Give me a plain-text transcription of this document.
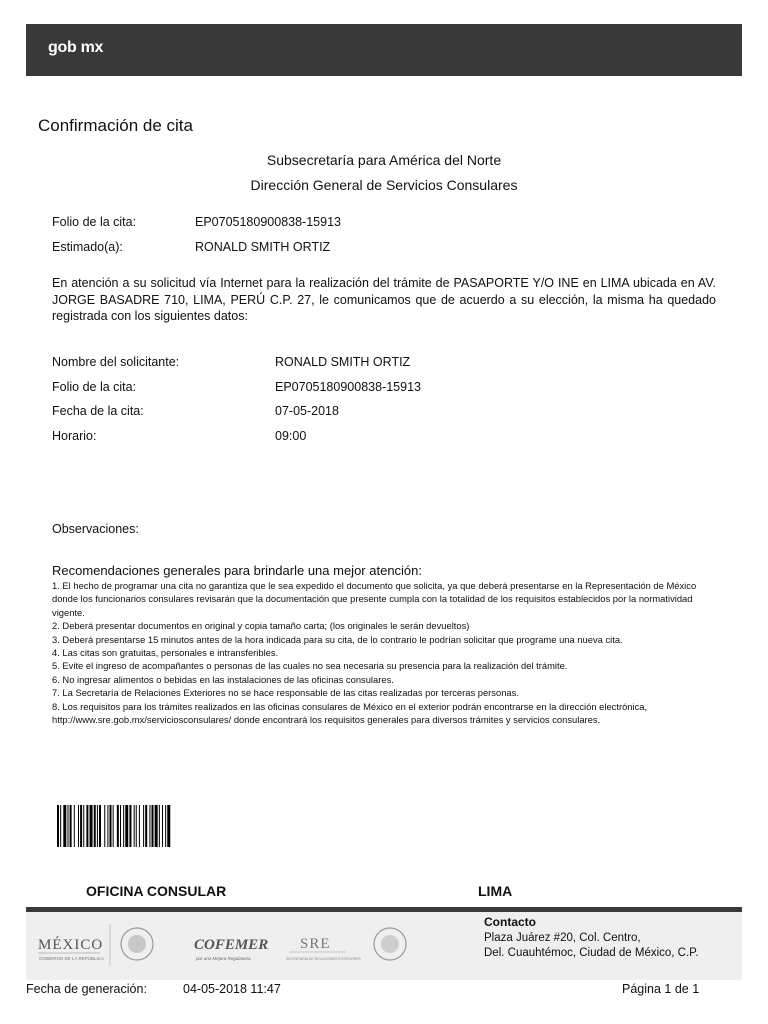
gob mx
Confirmación de cita
Subsecretaría para América del Norte
Dirección General de Servicios Consulares
Folio de la cita:	EP0705180900838-15913
Estimado(a):	RONALD SMITH ORTIZ
En atención a su solicitud vía Internet para la realización del trámite de PASAPORTE Y/O INE en LIMA ubicada en AV. JORGE BASADRE 710, LIMA, PERÚ C.P. 27, le comunicamos que de acuerdo a su elección, la misma ha quedado registrada con los siguientes datos:
Nombre del solicitante:	RONALD SMITH ORTIZ
Folio de la cita:	EP0705180900838-15913
Fecha de la cita:	07-05-2018
Horario:	09:00
Observaciones:
Recomendaciones generales para brindarle una mejor atención:
1. El hecho de programar una cita no garantiza que le sea expedido el documento que solicita, ya que deberá presentarse en la Representación de México donde los funcionarios consulares revisarán que la documentación que presente cumpla con la totalidad de los requisitos establecidos por la normatividad vigente.
2. Deberá presentar documentos en original y copia tamaño carta; (los originales le serán devueltos)
3. Deberá presentarse 15 minutos antes de la hora indicada para su cita, de lo contrario le podrían solicitar que programe una nueva cita.
4. Las citas son gratuitas, personales e intransferibles.
5. Evite el ingreso de acompañantes o personas de las cuales no sea necesaria su presencia para la realización del trámite.
6. No ingresar alimentos o bebidas en las instalaciones de las oficinas consulares.
7. La Secretaría de Relaciones Exteriores no se hace responsable de las citas realizadas por terceras personas.
8. Los requisitos para los trámites realizados en las oficinas consulares de México en el exterior podrán encontrarse en la dirección electrónica, http://www.sre.gob.mx/serviciosconsulares/ donde encontrará los requisitos generales para diversos trámites y servicios consulares.
OFICINA CONSULAR	LIMA
MÉXICO
GOBIERNO DE LA REPÚBLICA
COFEMER
por una Mejora Regulatoria
SRE
SECRETARÍA DE RELACIONES EXTERIORES
Contacto
Plaza Juárez #20, Col. Centro,
Del. Cuauhtémoc, Ciudad de México, C.P.
Fecha de generación:	04-05-2018 11:47	Página 1 de 1
